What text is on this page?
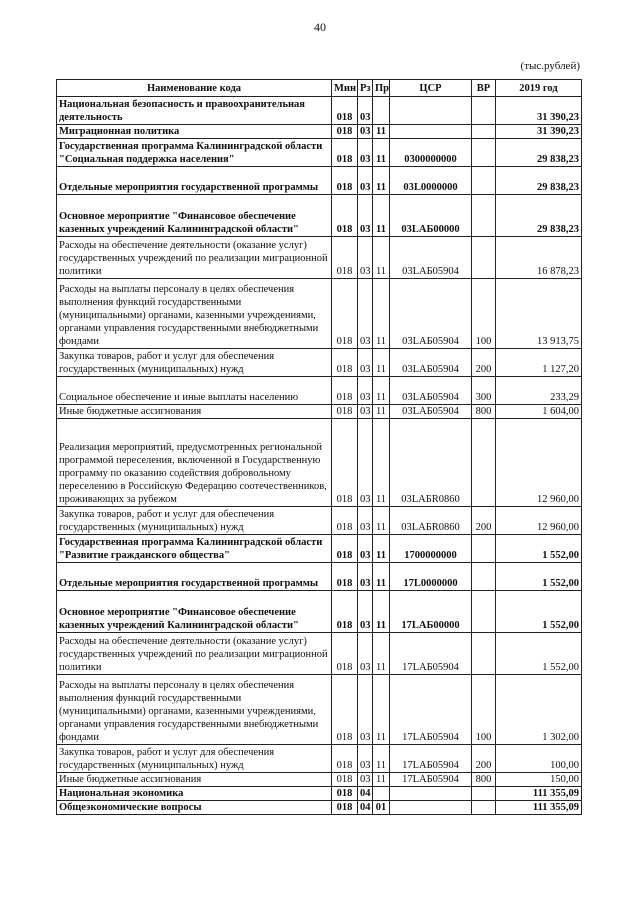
40
(тыс.рублей)
Наименование кода	Мин	Рз	Пр	ЦСР	ВР	2019 год
Национальная безопасность и правоохранительная деятельность	018	03				31 390,23
Миграционная политика	018	03	11			31 390,23
Государственная программа Калининградской области "Социальная поддержка населения"	018	03	11	0300000000		29 838,23
Отдельные мероприятия государственной программы	018	03	11	03L0000000		29 838,23
Основное мероприятие "Финансовое обеспечение казенных учреждений Калининградской области"	018	03	11	03LAБ00000		29 838,23
Расходы на обеспечение деятельности (оказание услуг) государственных учреждений по реализации миграционной политики	018	03	11	03LAБ05904		16 878,23
Расходы на выплаты персоналу в целях обеспечения выполнения функций государственными (муниципальными) органами, казенными учреждениями, органами управления государственными внебюджетными фондами	018	03	11	03LAБ05904	100	13 913,75
Закупка товаров, работ и услуг для обеспечения государственных (муниципальных) нужд	018	03	11	03LAБ05904	200	1 127,20
Социальное обеспечение и иные выплаты населению	018	03	11	03LAБ05904	300	233,29
Иные бюджетные ассигнования	018	03	11	03LAБ05904	800	1 604,00
Реализация мероприятий, предусмотренных региональной программой переселения, включенной в Государственную программу по оказанию содействия добровольному переселению в Российскую Федерацию соотечественников, проживающих за рубежом	018	03	11	03LAБR0860		12 960,00
Закупка товаров, работ и услуг для обеспечения государственных (муниципальных) нужд	018	03	11	03LAБR0860	200	12 960,00
Государственная программа Калининградской области "Развитие гражданского общества"	018	03	11	1700000000		1 552,00
Отдельные мероприятия государственной программы	018	03	11	17L0000000		1 552,00
Основное мероприятие "Финансовое обеспечение казенных учреждений Калининградской области"	018	03	11	17LAБ00000		1 552,00
Расходы на обеспечение деятельности (оказание услуг) государственных учреждений по реализации миграционной политики	018	03	11	17LAБ05904		1 552,00
Расходы на выплаты персоналу в целях обеспечения выполнения функций государственными (муниципальными) органами, казенными учреждениями, органами управления государственными внебюджетными фондами	018	03	11	17LAБ05904	100	1 302,00
Закупка товаров, работ и услуг для обеспечения государственных (муниципальных) нужд	018	03	11	17LAБ05904	200	100,00
Иные бюджетные ассигнования	018	03	11	17LAБ05904	800	150,00
Национальная экономика	018	04				111 355,09
Общеэкономические вопросы	018	04	01			111 355,09
